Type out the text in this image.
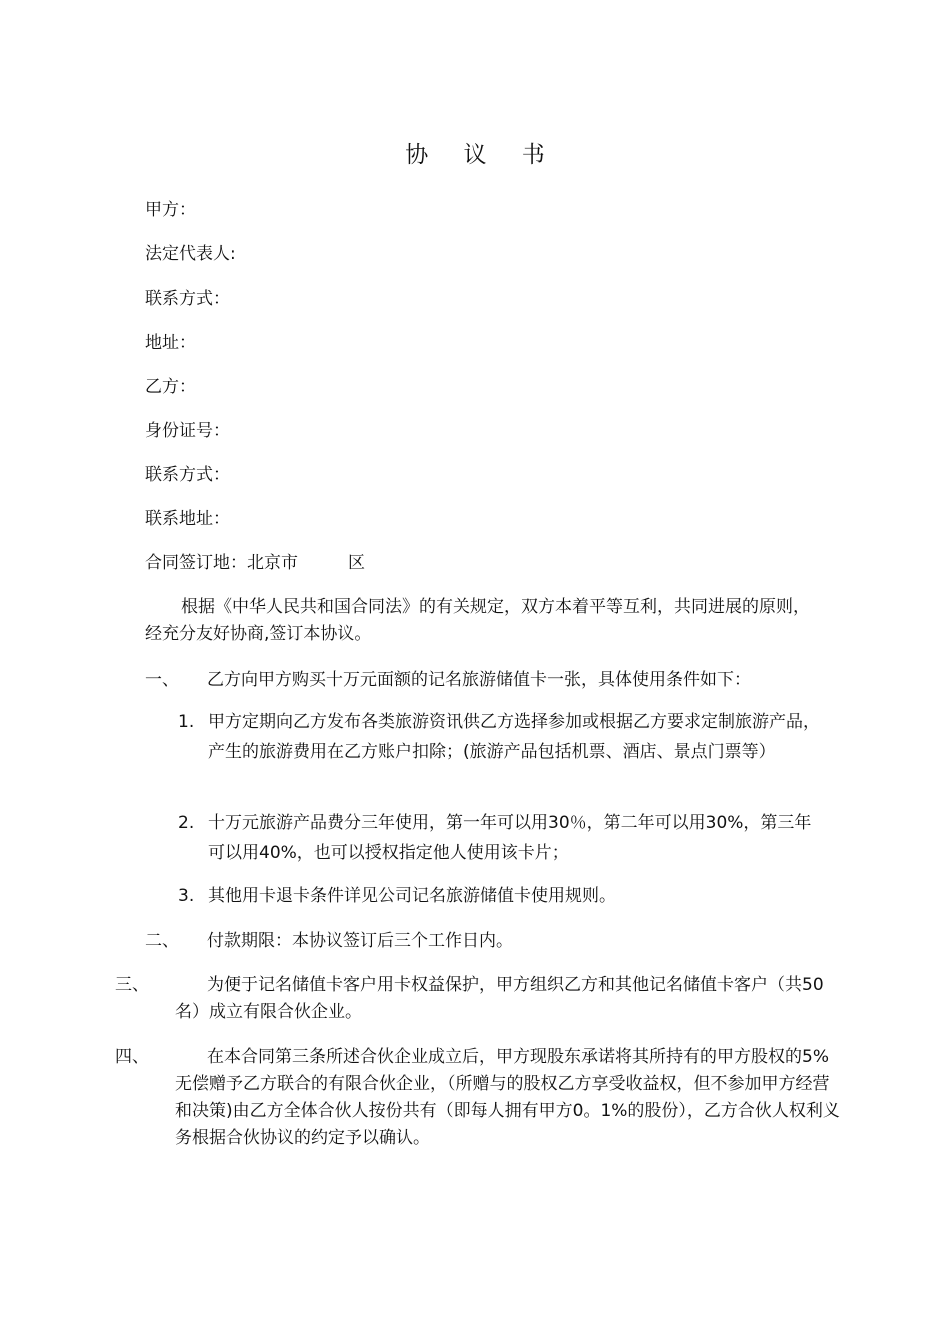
协 议 书
甲方：
法定代表人:
联系方式：
地址：
乙方：
身份证号：
联系方式：
联系地址：
合同签订地：北京市	区
根据《中华人民共和国合同法》的有关规定，双方本着平等互利，共同进展的原则，经充分友好协商,签订本协议。
一、 乙方向甲方购买十万元面额的记名旅游储值卡一张，具体使用条件如下：
1. 甲方定期向乙方发布各类旅游资讯供乙方选择参加或根据乙方要求定制旅游产品，产生的旅游费用在乙方账户扣除；(旅游产品包括机票、酒店、景点门票等）
2. 十万元旅游产品费分三年使用，第一年可以用30％，第二年可以用30%，第三年可以用40%，也可以授权指定他人使用该卡片；
3. 其他用卡退卡条件详见公司记名旅游储值卡使用规则。
二、 付款期限：本协议签订后三个工作日内。
三、	为便于记名储值卡客户用卡权益保护，甲方组织乙方和其他记名储值卡客户（共50名）成立有限合伙企业。
四、	在本合同第三条所述合伙企业成立后，甲方现股东承诺将其所持有的甲方股权的5%无偿赠予乙方联合的有限合伙企业，（所赠与的股权乙方享受收益权，但不参加甲方经营和决策)由乙方全体合伙人按份共有（即每人拥有甲方0。1%的股份），乙方合伙人权利义务根据合伙协议的约定予以确认。
